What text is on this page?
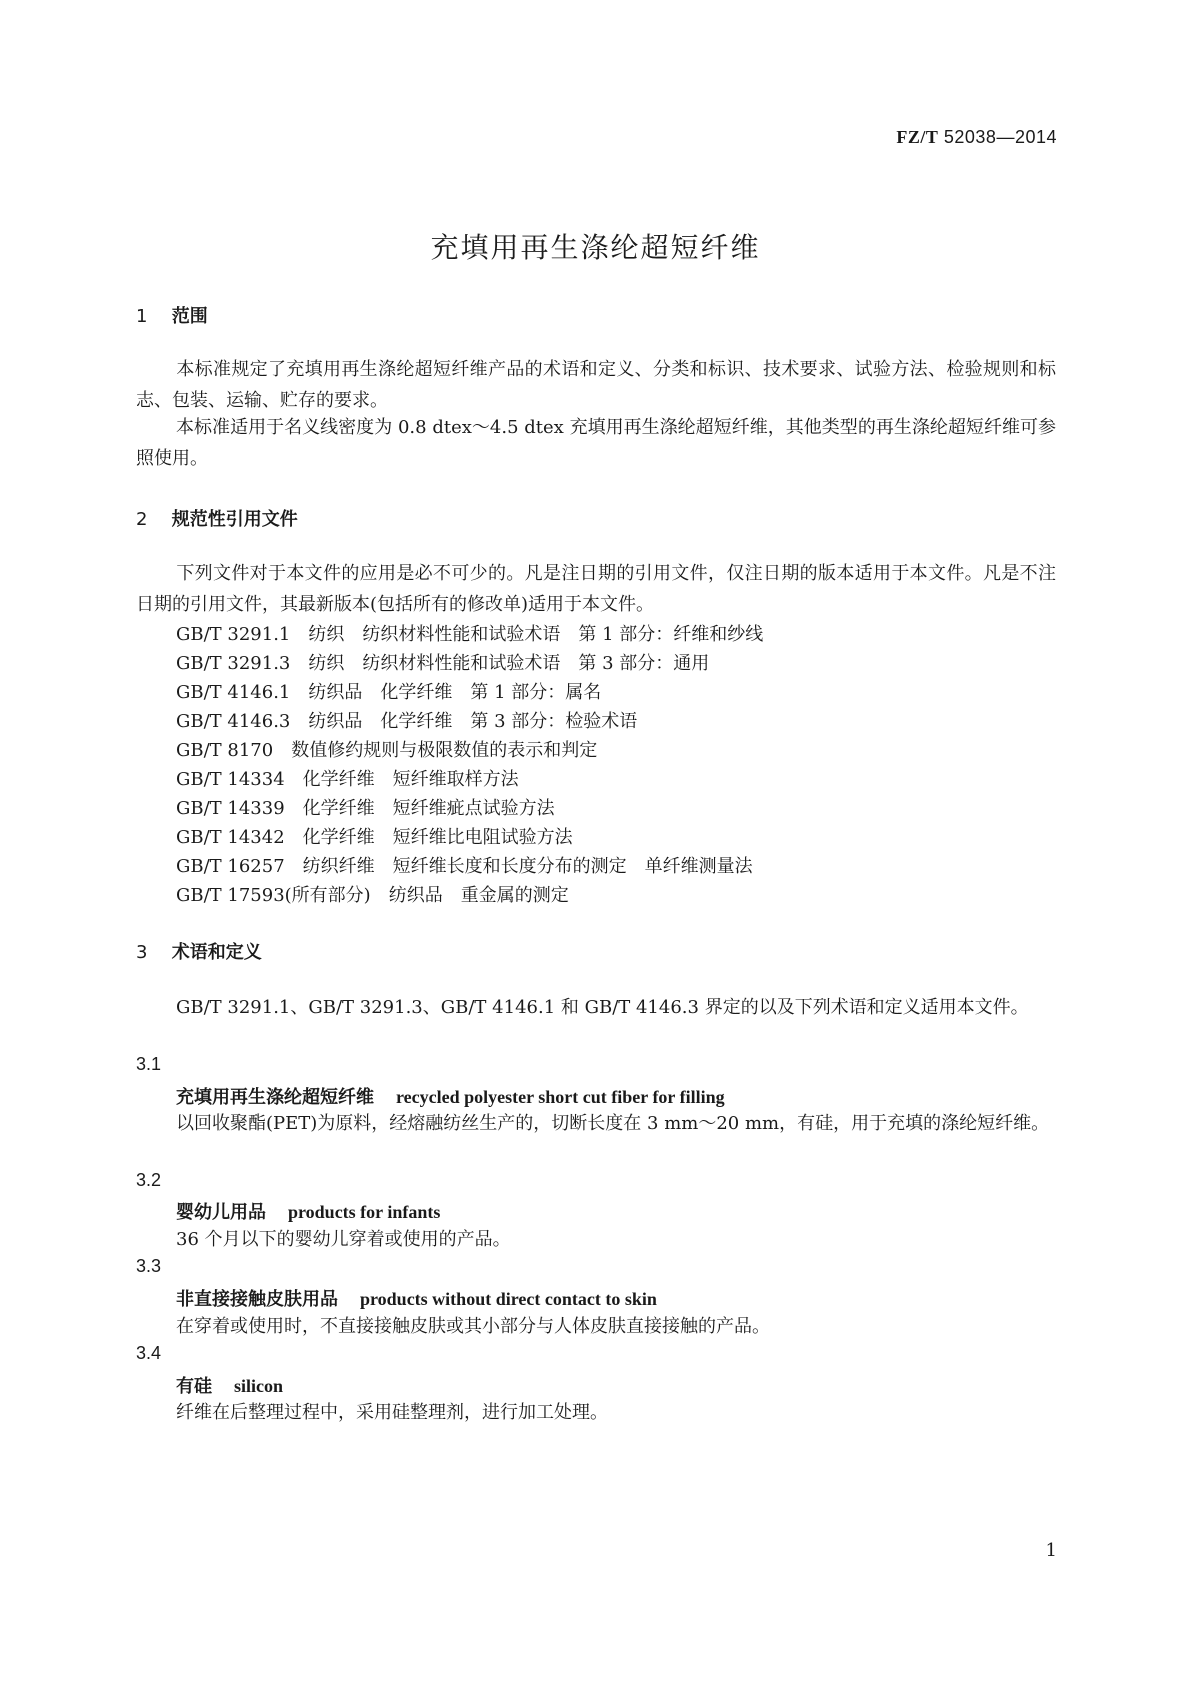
FZ/T 52038—2014
充填用再生涤纶超短纤维
1 范围
本标准规定了充填用再生涤纶超短纤维产品的术语和定义、分类和标识、技术要求、试验方法、检验规则和标志、包装、运输、贮存的要求。
本标准适用于名义线密度为 0.8 dtex～4.5 dtex 充填用再生涤纶超短纤维，其他类型的再生涤纶超短纤维可参照使用。
2 规范性引用文件
下列文件对于本文件的应用是必不可少的。凡是注日期的引用文件，仅注日期的版本适用于本文件。凡是不注日期的引用文件，其最新版本(包括所有的修改单)适用于本文件。
GB/T 3291.1　纺织　纺织材料性能和试验术语　第 1 部分：纤维和纱线
GB/T 3291.3　纺织　纺织材料性能和试验术语　第 3 部分：通用
GB/T 4146.1　纺织品　化学纤维　第 1 部分：属名
GB/T 4146.3　纺织品　化学纤维　第 3 部分：检验术语
GB/T 8170　数值修约规则与极限数值的表示和判定
GB/T 14334　化学纤维　短纤维取样方法
GB/T 14339　化学纤维　短纤维疵点试验方法
GB/T 14342　化学纤维　短纤维比电阻试验方法
GB/T 16257　纺织纤维　短纤维长度和长度分布的测定　单纤维测量法
GB/T 17593(所有部分)　纺织品　重金属的测定
3 术语和定义
GB/T 3291.1、GB/T 3291.3、GB/T 4146.1 和 GB/T 4146.3 界定的以及下列术语和定义适用本文件。
3.1
充填用再生涤纶超短纤维 recycled polyester short cut fiber for filling
以回收聚酯(PET)为原料，经熔融纺丝生产的，切断长度在 3 mm～20 mm，有硅，用于充填的涤纶短纤维。
3.2
婴幼儿用品 products for infants
36 个月以下的婴幼儿穿着或使用的产品。
3.3
非直接接触皮肤用品 products without direct contact to skin
在穿着或使用时，不直接接触皮肤或其小部分与人体皮肤直接接触的产品。
3.4
有硅 silicon
纤维在后整理过程中，采用硅整理剂，进行加工处理。
1
